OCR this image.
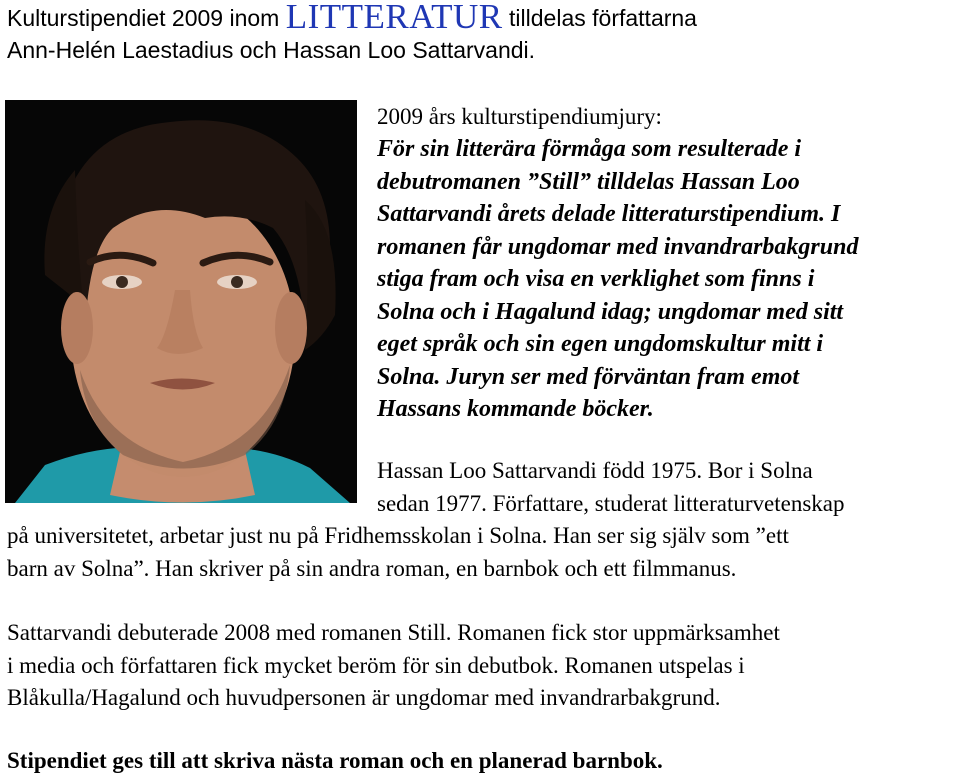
Kulturstipendiet 2009 inom LITTERATUR tilldelas författarna
Ann-Helén Laestadius och Hassan Loo Sattarvandi.
2009 års kulturstipendiumjury:
För sin litterära förmåga som resulterade i
debutromanen ”Still” tilldelas Hassan Loo
Sattarvandi årets delade litteraturstipendium. I
romanen får ungdomar med invandrarbakgrund
stiga fram och visa en verklighet som finns i
Solna och i Hagalund idag; ungdomar med sitt
eget språk och sin egen ungdomskultur mitt i
Solna. Juryn ser med förväntan fram emot
Hassans kommande böcker.
Hassan Loo Sattarvandi född 1975. Bor i Solna
sedan 1977. Författare, studerat litteraturvetenskap
på universitetet, arbetar just nu på Fridhemsskolan i Solna. Han ser sig själv som ”ett
barn av Solna”. Han skriver på sin andra roman, en barnbok och ett filmmanus.
Sattarvandi debuterade 2008 med romanen Still. Romanen fick stor uppmärksamhet
i media och författaren fick mycket beröm för sin debutbok. Romanen utspelas i
Blåkulla/Hagalund och huvudpersonen är ungdomar med invandrarbakgrund.
Stipendiet ges till att skriva nästa roman och en planerad barnbok.
